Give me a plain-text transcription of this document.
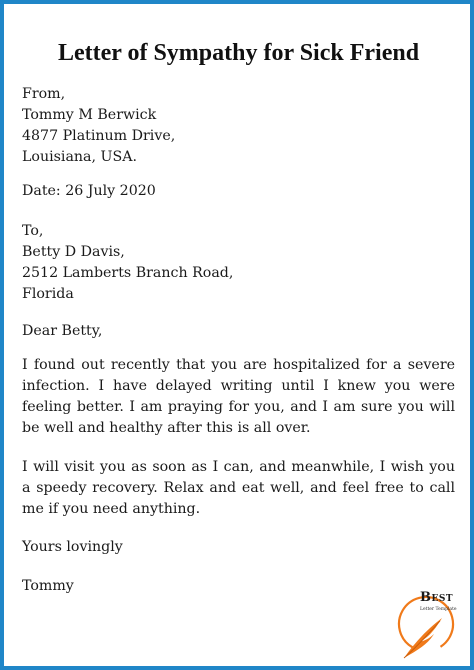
Letter of Sympathy for Sick Friend
From,
Tommy M Berwick
4877 Platinum Drive,
Louisiana, USA.
Date: 26 July 2020
To,
Betty D Davis,
2512 Lamberts Branch Road,
Florida
Dear Betty,

I found out recently that you are hospitalized for a severe infection. I have delayed writing until I knew you were feeling better. I am praying for you, and I am sure you will be well and healthy after this is all over.

I will visit you as soon as I can, and meanwhile, I wish you a speedy recovery. Relax and eat well, and feel free to call me if you need anything.

Yours lovingly
Tommy
Best
Letter Template
